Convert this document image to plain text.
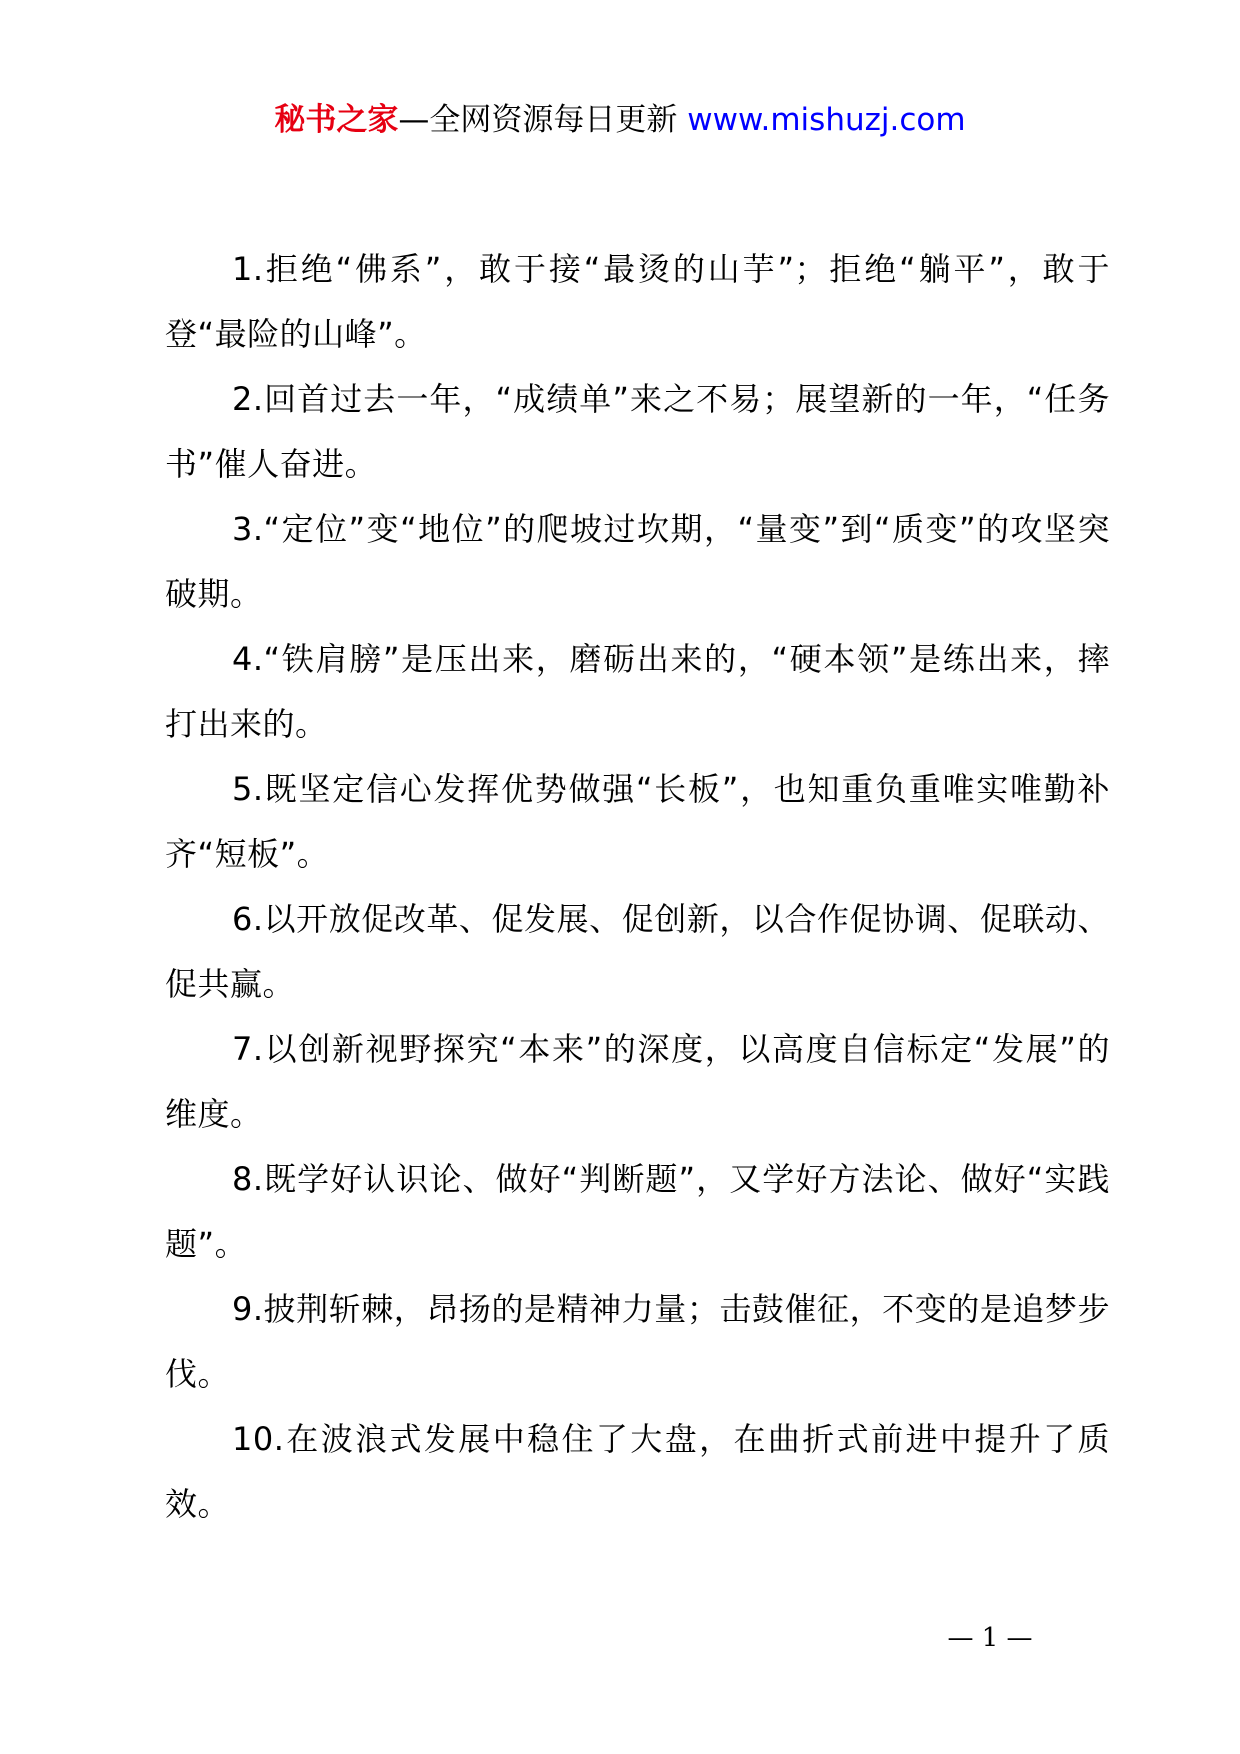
秘书之家—全网资源每日更新 www.mishuzj.com

1.拒绝“佛系”，敢于接“最烫的山芋”；拒绝“躺平”，敢于登“最险的山峰”。

2.回首过去一年，“成绩单”来之不易；展望新的一年，“任务书”催人奋进。

3.“定位”变“地位”的爬坡过坎期，“量变”到“质变”的攻坚突破期。

4.“铁肩膀”是压出来，磨砺出来的，“硬本领”是练出来，摔打出来的。

5.既坚定信心发挥优势做强“长板”，也知重负重唯实唯勤补齐“短板”。

6.以开放促改革、促发展、促创新，以合作促协调、促联动、促共赢。

7.以创新视野探究“本来”的深度，以高度自信标定“发展”的维度。

8.既学好认识论、做好“判断题”，又学好方法论、做好“实践题”。

9.披荆斩棘，昂扬的是精神力量；击鼓催征，不变的是追梦步伐。

10.在波浪式发展中稳住了大盘，在曲折式前进中提升了质效。

— 1 —
